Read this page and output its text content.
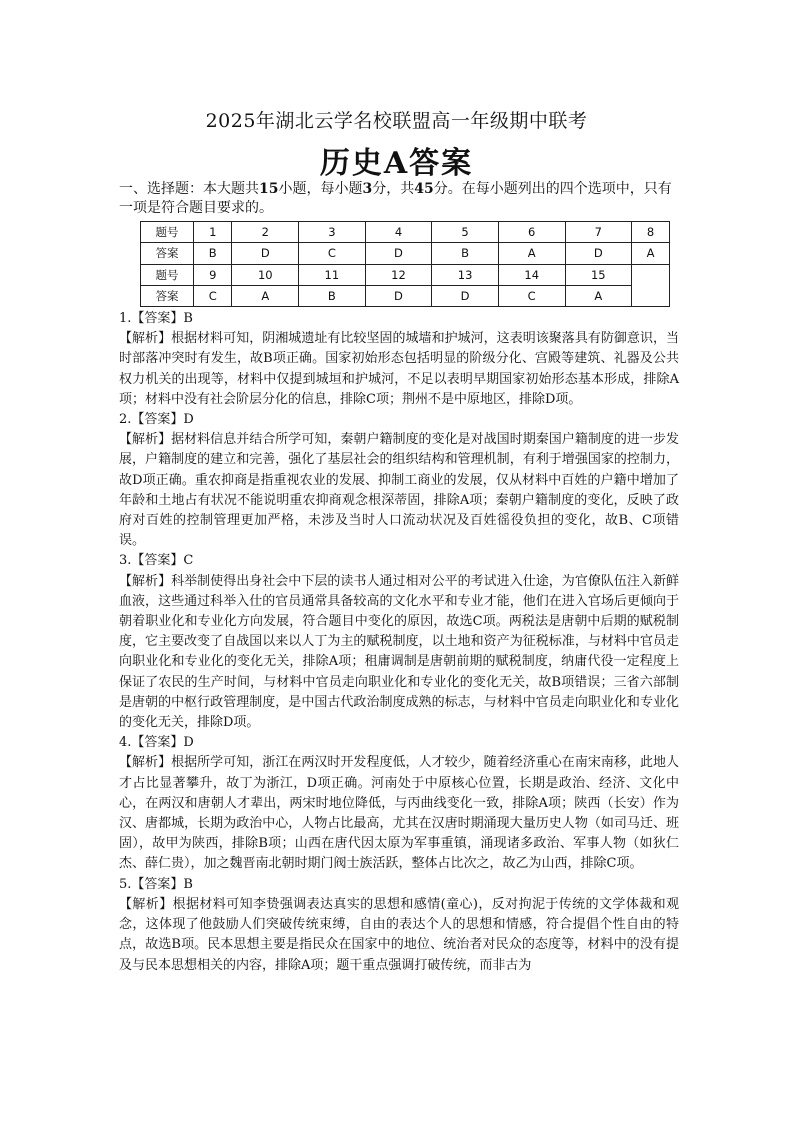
2025年湖北云学名校联盟高一年级期中联考
历史A答案
一、选择题：本大题共15小题，每小题3分，共45分。在每小题列出的四个选项中，只有一项是符合题目要求的。
题号	1	2	3	4	5	6	7	8
答案	B	D	C	D	B	A	D	A
题号	9	10	11	12	13	14	15	
答案	C	A	B	D	D	C	A	

1.【答案】B

【解析】根据材料可知，阴湘城遗址有比较坚固的城墙和护城河，这表明该聚落具有防御意识，当时部落冲突时有发生，故B项正确。国家初始形态包括明显的阶级分化、宫殿等建筑、礼器及公共权力机关的出现等，材料中仅提到城垣和护城河，不足以表明早期国家初始形态基本形成，排除A项；材料中没有社会阶层分化的信息，排除C项；荆州不是中原地区，排除D项。

2.【答案】D

【解析】据材料信息并结合所学可知，秦朝户籍制度的变化是对战国时期秦国户籍制度的进一步发展，户籍制度的建立和完善，强化了基层社会的组织结构和管理机制，有利于增强国家的控制力，故D项正确。重农抑商是指重视农业的发展、抑制工商业的发展，仅从材料中百姓的户籍中增加了年龄和土地占有状况不能说明重农抑商观念根深蒂固，排除A项；秦朝户籍制度的变化，反映了政府对百姓的控制管理更加严格，未涉及当时人口流动状况及百姓徭役负担的变化，故B、C项错误。

3.【答案】C

【解析】科举制使得出身社会中下层的读书人通过相对公平的考试进入仕途，为官僚队伍注入新鲜血液，这些通过科举入仕的官员通常具备较高的文化水平和专业才能，他们在进入官场后更倾向于朝着职业化和专业化方向发展，符合题目中变化的原因，故选C项。两税法是唐朝中后期的赋税制度，它主要改变了自战国以来以人丁为主的赋税制度，以土地和资产为征税标准，与材料中官员走向职业化和专业化的变化无关，排除A项；租庸调制是唐朝前期的赋税制度，纳庸代役一定程度上保证了农民的生产时间，与材料中官员走向职业化和专业化的变化无关，故B项错误；三省六部制是唐朝的中枢行政管理制度，是中国古代政治制度成熟的标志，与材料中官员走向职业化和专业化的变化无关，排除D项。

4.【答案】D

【解析】根据所学可知，浙江在两汉时开发程度低，人才较少，随着经济重心在南宋南移，此地人才占比显著攀升，故丁为浙江，D项正确。河南处于中原核心位置，长期是政治、经济、文化中心，在两汉和唐朝人才辈出，两宋时地位降低，与丙曲线变化一致，排除A项；陕西（长安）作为汉、唐都城，长期为政治中心，人物占比最高，尤其在汉唐时期涌现大量历史人物（如司马迁、班固），故甲为陕西，排除B项；山西在唐代因太原为军事重镇，涌现诸多政治、军事人物（如狄仁杰、薛仁贵），加之魏晋南北朝时期门阀士族活跃，整体占比次之，故乙为山西，排除C项。

5.【答案】B

【解析】根据材料可知李贽强调表达真实的思想和感情(童心)，反对拘泥于传统的文学体裁和观念，这体现了他鼓励人们突破传统束缚，自由的表达个人的思想和情感，符合提倡个性自由的特点，故选B项。民本思想主要是指民众在国家中的地位、统治者对民众的态度等，材料中的没有提及与民本思想相关的内容，排除A项；题干重点强调打破传统，而非古为
